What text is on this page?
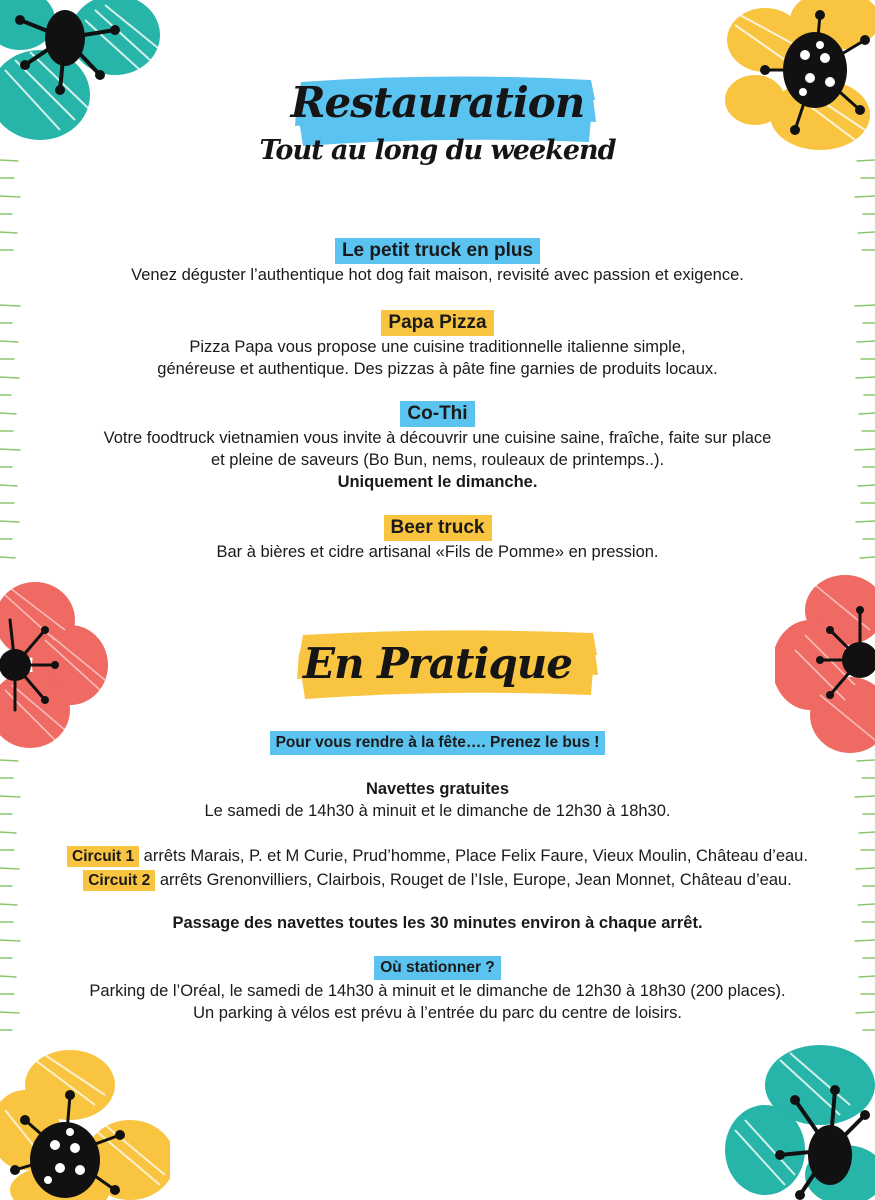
Restauration
Tout au long du weekend
Le petit truck en plus

Venez déguster l’authentique hot dog fait maison, revisité avec passion et exigence.

Papa Pizza

Pizza Papa vous propose une cuisine traditionnelle italienne simple,

généreuse et authentique. Des pizzas à pâte fine garnies de produits locaux.

Co-Thi

Votre foodtruck vietnamien vous invite à découvrir une cuisine saine, fraîche, faite sur place

et pleine de saveurs (Bo Bun, nems, rouleaux de printemps..).

Uniquement le dimanche.

Beer truck

Bar à bières et cidre artisanal «Fils de Pomme» en pression.

En Pratique
Pour vous rendre à la fête…. Prenez le bus !

Navettes gratuites

Le samedi de 14h30 à minuit et le dimanche de 12h30 à 18h30.

Circuit 1 arrêts Marais, P. et M Curie, Prud’homme, Place Felix Faure, Vieux Moulin, Château d’eau.

Circuit 2 arrêts Grenonvilliers, Clairbois, Rouget de l’Isle, Europe, Jean Monnet, Château d’eau.

Passage des navettes toutes les 30 minutes environ à chaque arrêt.

Où stationner ?

Parking de l’Oréal, le samedi de 14h30 à minuit et le dimanche de 12h30 à 18h30 (200 places).

Un parking à vélos est prévu à l’entrée du parc du centre de loisirs.
